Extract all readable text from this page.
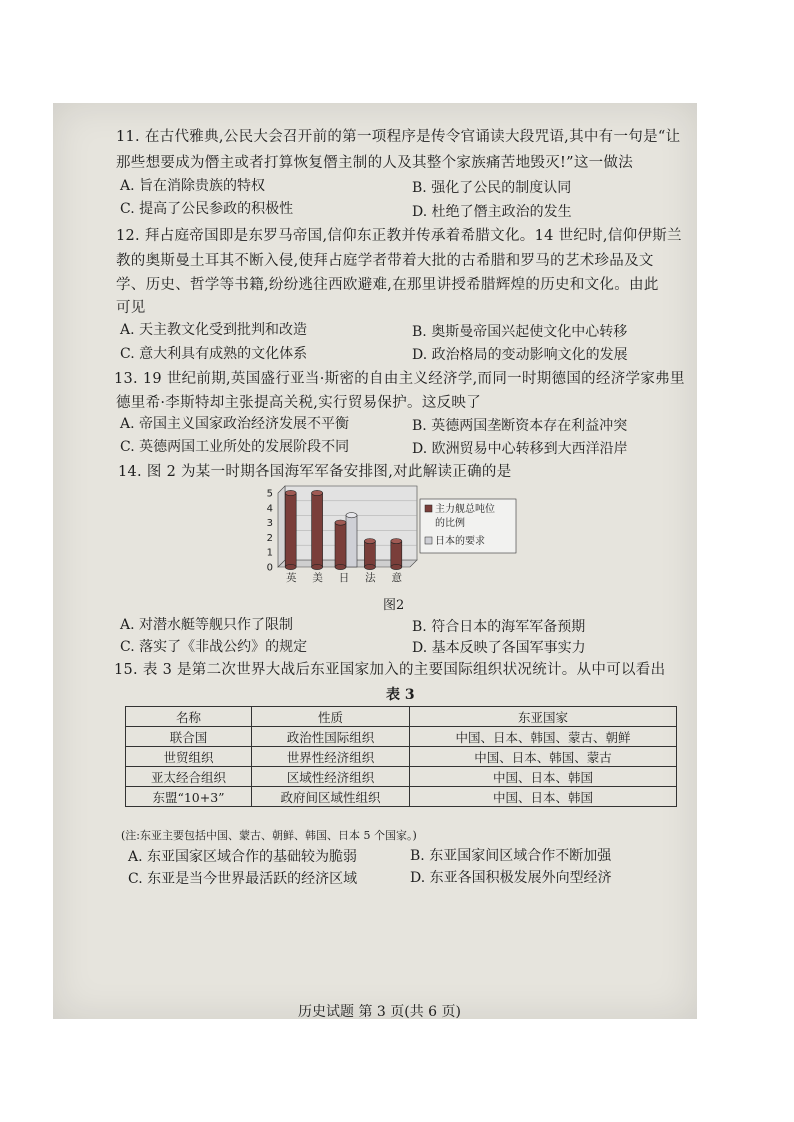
11. 在古代雅典,公民大会召开前的第一项程序是传令官诵读大段咒语,其中有一句是“让
那些想要成为僭主或者打算恢复僭主制的人及其整个家族痛苦地毁灭!”这一做法
A. 旨在消除贵族的特权	B. 强化了公民的制度认同
C. 提高了公民参政的积极性	D. 杜绝了僭主政治的发生
12. 拜占庭帝国即是东罗马帝国,信仰东正教并传承着希腊文化。14 世纪时,信仰伊斯兰
教的奥斯曼土耳其不断入侵,使拜占庭学者带着大批的古希腊和罗马的艺术珍品及文
学、历史、哲学等书籍,纷纷逃往西欧避难,在那里讲授希腊辉煌的历史和文化。由此
可见
A. 天主教文化受到批判和改造	B. 奥斯曼帝国兴起使文化中心转移
C. 意大利具有成熟的文化体系	D. 政治格局的变动影响文化的发展
13. 19 世纪前期,英国盛行亚当·斯密的自由主义经济学,而同一时期德国的经济学家弗里
德里希·李斯特却主张提高关税,实行贸易保护。这反映了
A. 帝国主义国家政治经济发展不平衡	B. 英德两国垄断资本存在利益冲突
C. 英德两国工业所处的发展阶段不同	D. 欧洲贸易中心转移到大西洋沿岸
14. 图 2 为某一时期各国海军军备安排图,对此解读正确的是
0
1
2
3
4
5
英 美 日 法 意
主力舰总吨位
的比例
日本的要求
图2
A. 对潜水艇等舰只作了限制	B. 符合日本的海军军备预期
C. 落实了《非战公约》的规定	D. 基本反映了各国军事实力
15. 表 3 是第二次世界大战后东亚国家加入的主要国际组织状况统计。从中可以看出
表 3
名称	性质	东亚国家
联合国	政治性国际组织	中国、日本、韩国、蒙古、朝鲜
世贸组织	世界性经济组织	中国、日本、韩国、蒙古
亚太经合组织	区域性经济组织	中国、日本、韩国
东盟“10+3”	政府间区域性组织	中国、日本、韩国
(注:东亚主要包括中国、蒙古、朝鲜、韩国、日本 5 个国家。)
A. 东亚国家区域合作的基础较为脆弱	B. 东亚国家间区域合作不断加强
C. 东亚是当今世界最活跃的经济区域	D. 东亚各国积极发展外向型经济
历史试题 第 3 页(共 6 页)
